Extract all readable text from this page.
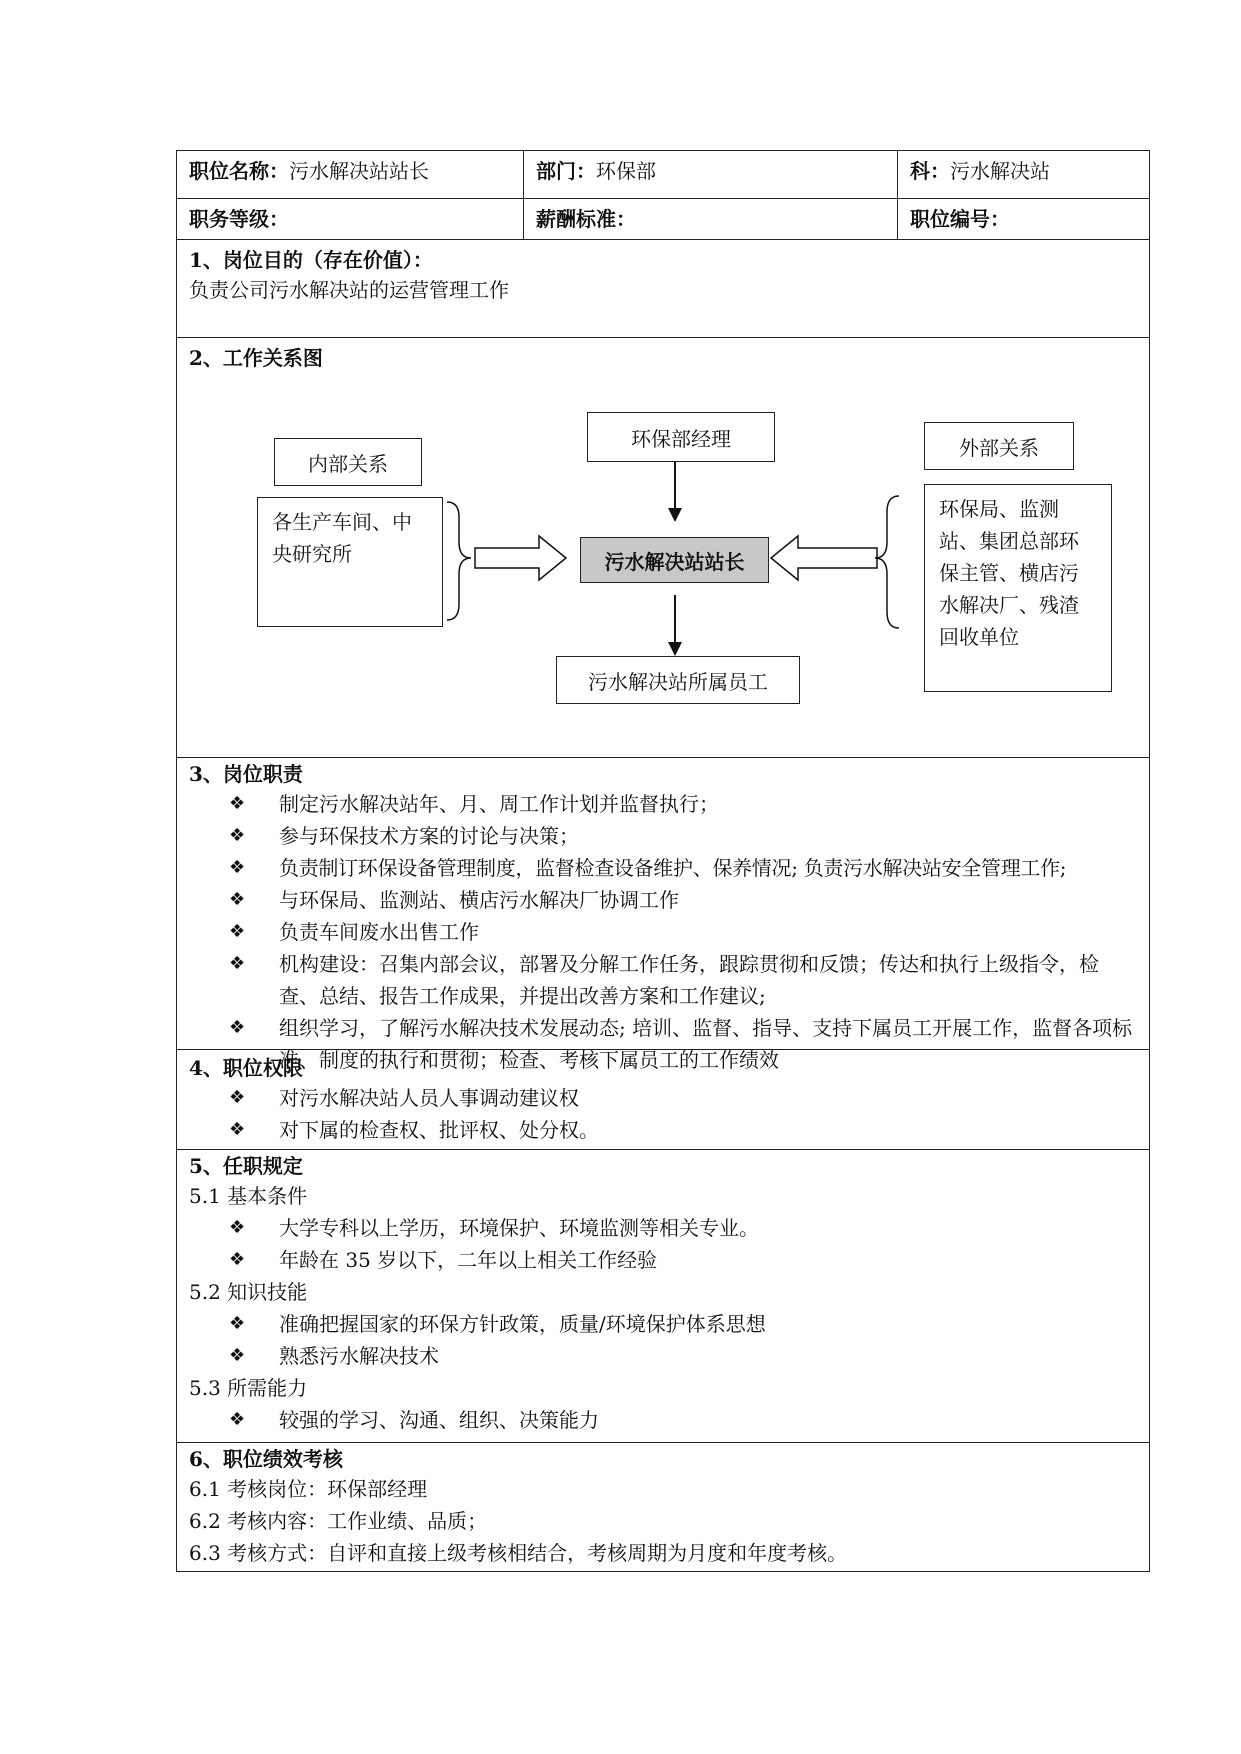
职位名称：污水解决站站长	部门：环保部	科：污水解决站
职务等级：	薪酬标准：	职位编号：
1、岗位目的（存在价值）：
负责公司污水解决站的运营管理工作
2、工作关系图
内部关系
各生产车间、中央研究所
环保部经理
污水解决站站长
污水解决站所属员工
外部关系
环保局、监测站、集团总部环保主管、横店污水解决厂、残渣回收单位
3、岗位职责
❖ 制定污水解决站年、月、周工作计划并监督执行；
❖ 参与环保技术方案的讨论与决策；
❖ 负责制订环保设备管理制度，监督检查设备维护、保养情况; 负责污水解决站安全管理工作;
❖ 与环保局、监测站、横店污水解决厂协调工作
❖ 负责车间废水出售工作
❖ 机构建设：召集内部会议，部署及分解工作任务，跟踪贯彻和反馈；传达和执行上级指令，检查、总结、报告工作成果，并提出改善方案和工作建议;
❖ 组织学习，了解污水解决技术发展动态; 培训、监督、指导、支持下属员工开展工作，监督各项标准、制度的执行和贯彻；检查、考核下属员工的工作绩效
4、职位权限
❖ 对污水解决站人员人事调动建议权
❖ 对下属的检查权、批评权、处分权。
5、任职规定
5.1 基本条件
❖ 大学专科以上学历，环境保护、环境监测等相关专业。
❖ 年龄在 35 岁以下，二年以上相关工作经验
5.2 知识技能
❖ 准确把握国家的环保方针政策，质量/环境保护体系思想
❖ 熟悉污水解决技术
5.3 所需能力
❖ 较强的学习、沟通、组织、决策能力
6、职位绩效考核
6.1 考核岗位：环保部经理
6.2 考核内容：工作业绩、品质；
6.3 考核方式：自评和直接上级考核相结合，考核周期为月度和年度考核。
